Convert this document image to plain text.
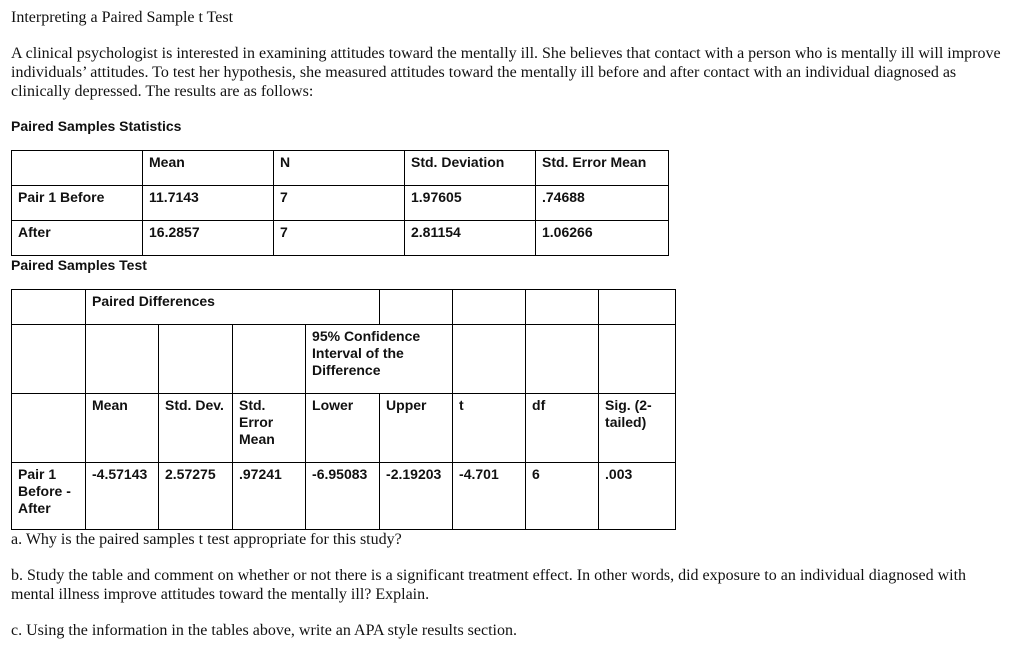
Interpreting a Paired Sample t Test
A clinical psychologist is interested in examining attitudes toward the mentally ill. She believes that contact with a person who is mentally ill will improve individuals’ attitudes. To test her hypothesis, she measured attitudes toward the mentally ill before and after contact with an individual diagnosed as clinically depressed. The results are as follows:
Paired Samples Statistics
	Mean	N	Std. Deviation	Std. Error Mean
Pair 1 Before	11.7143	7	1.97605	.74688
After	16.2857	7	2.81154	1.06266
Paired Samples Test
	Paired Differences							
				95% Confidence Interval of the Difference				
	Mean	Std. Dev.	Std. Error Mean	Lower	Upper	t	df	Sig. (2-tailed)
Pair 1 Before - After	-4.57143	2.57275	.97241	-6.95083	-2.19203	-4.701	6	.003
a. Why is the paired samples t test appropriate for this study?
b. Study the table and comment on whether or not there is a significant treatment effect. In other words, did exposure to an individual diagnosed with mental illness improve attitudes toward the mentally ill? Explain.
c. Using the information in the tables above, write an APA style results section.
